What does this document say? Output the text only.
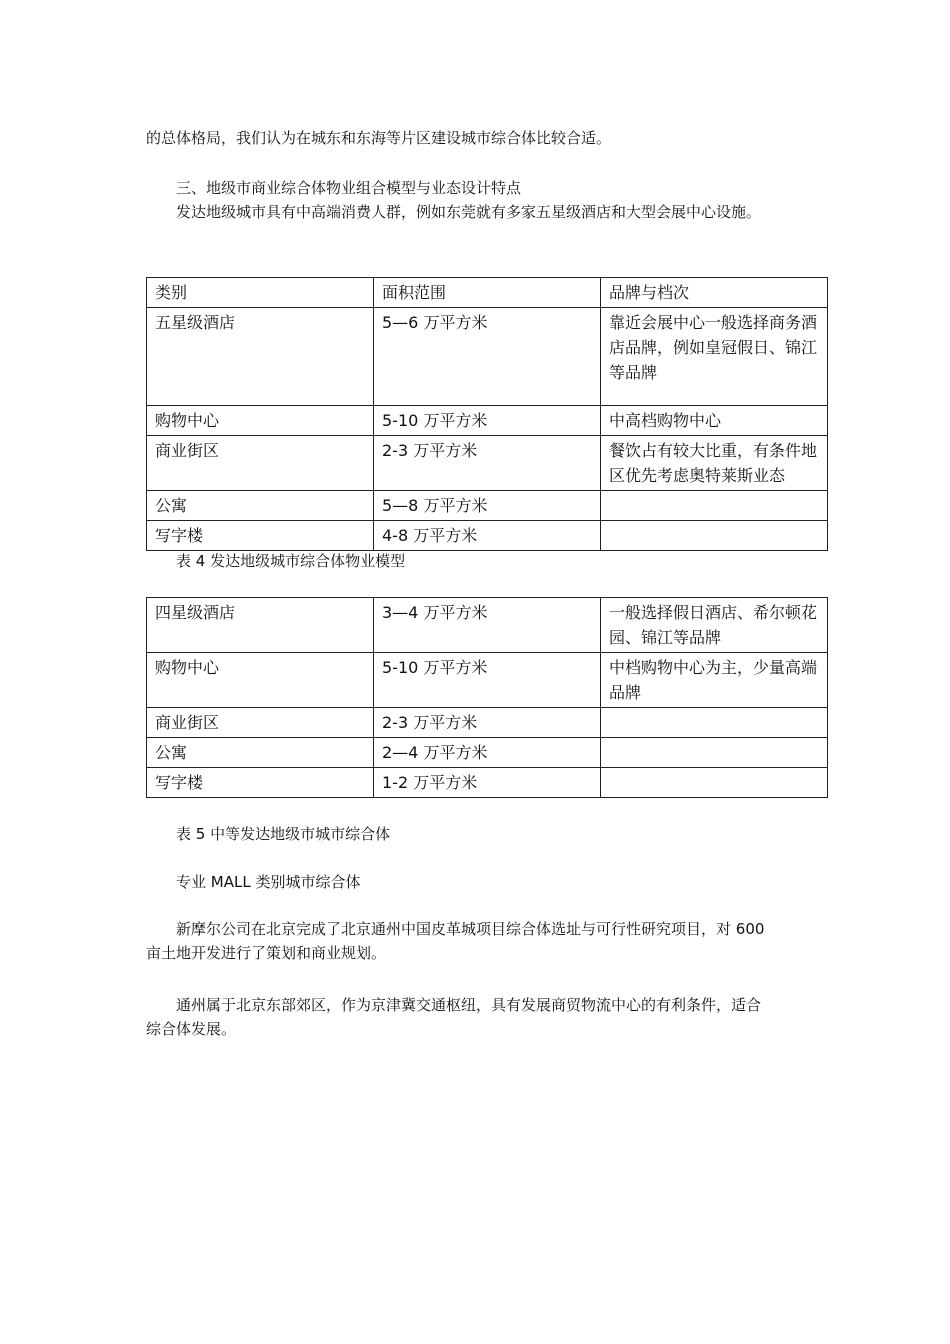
的总体格局，我们认为在城东和东海等片区建设城市综合体比较合适。
三、地级市商业综合体物业组合模型与业态设计特点
发达地级城市具有中高端消费人群，例如东莞就有多家五星级酒店和大型会展中心设施。
类别	面积范围	品牌与档次
五星级酒店	5—6 万平方米	靠近会展中心一般选择商务酒店品牌，例如皇冠假日、锦江等品牌
购物中心	5-10 万平方米	中高档购物中心
商业街区	2-3 万平方米	餐饮占有较大比重，有条件地区优先考虑奥特莱斯业态
公寓	5—8 万平方米	
写字楼	4-8 万平方米	
表 4 发达地级城市综合体物业模型
四星级酒店	3—4 万平方米	一般选择假日酒店、希尔顿花园、锦江等品牌
购物中心	5-10 万平方米	中档购物中心为主，少量高端品牌
商业街区	2-3 万平方米	
公寓	2—4 万平方米	
写字楼	1-2 万平方米	
表 5 中等发达地级市城市综合体
专业 MALL 类别城市综合体
新摩尔公司在北京完成了北京通州中国皮革城项目综合体选址与可行性研究项目，对 600
亩土地开发进行了策划和商业规划。
通州属于北京东部郊区，作为京津冀交通枢纽，具有发展商贸物流中心的有利条件，适合
综合体发展。
